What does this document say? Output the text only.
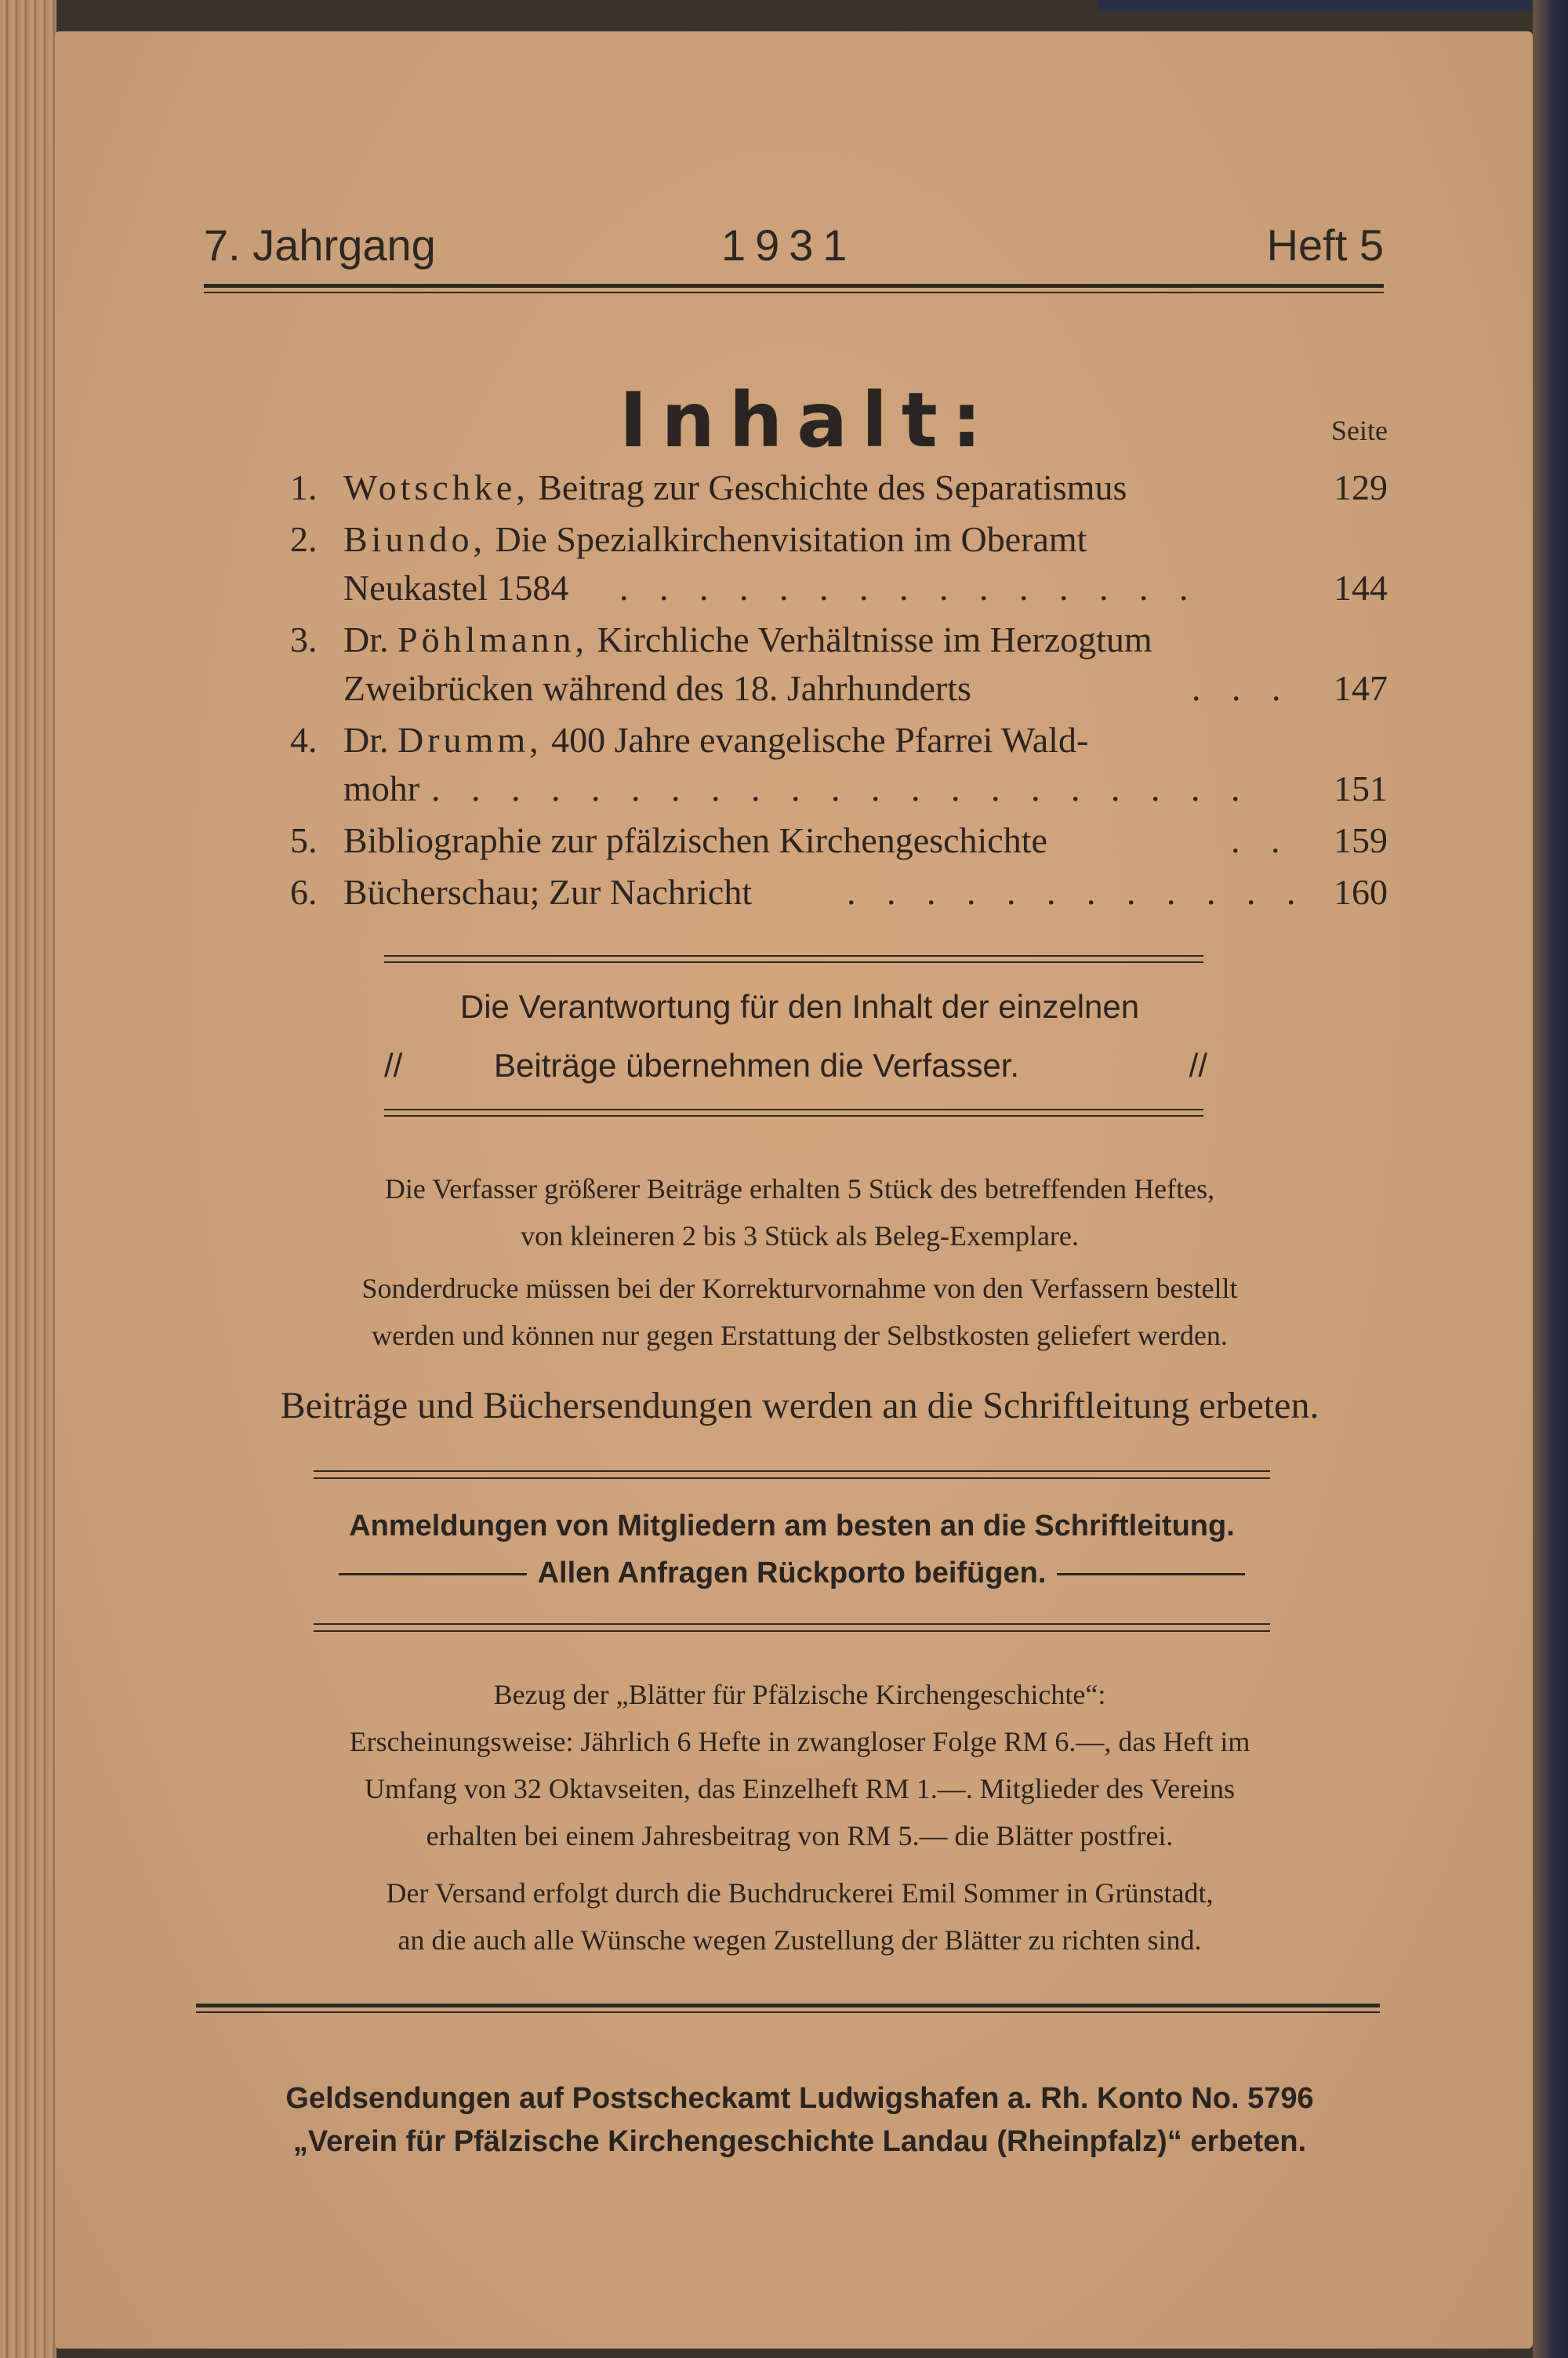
7. Jahrgang	1931	Heft 5
Inhalt:	Seite
1. Wotschke, Beitrag zur Geschichte des Separatismus	129
2. Biundo, Die Spezialkirchenvisitation im Oberamt
Neukastel 1584 . . . . . . . . . . . . . . .	144
3. Dr. Pöhlmann, Kirchliche Verhältnisse im Herzogtum
Zweibrücken während des 18. Jahrhunderts	. . .	147
4. Dr. Drumm, 400 Jahre evangelische Pfarrei Wald-
mohr . . . . . . . . . . . . . . . . . . . . .	151
5. Bibliographie zur pfälzischen Kirchengeschichte	. .	159
6. Bücherschau; Zur Nachricht	. . . . . . . . . . . . 160
Die Verantwortung für den Inhalt der einzelnen
//	Beiträge übernehmen die Verfasser.	//
Die Verfasser größerer Beiträge erhalten 5 Stück des betreffenden Heftes,
von kleineren 2 bis 3 Stück als Beleg-Exemplare.
Sonderdrucke müssen bei der Korrekturvornahme von den Verfassern bestellt
werden und können nur gegen Erstattung der Selbstkosten geliefert werden.
Beiträge und Büchersendungen werden an die Schriftleitung erbeten.
Anmeldungen von Mitgliedern am besten an die Schriftleitung.
Allen Anfragen Rückporto beifügen.
Bezug der „Blätter für Pfälzische Kirchengeschichte“:
Erscheinungsweise: Jährlich 6 Hefte in zwangloser Folge RM 6.—, das Heft im
Umfang von 32 Oktavseiten, das Einzelheft RM 1.—. Mitglieder des Vereins
erhalten bei einem Jahresbeitrag von RM 5.— die Blätter postfrei.
Der Versand erfolgt durch die Buchdruckerei Emil Sommer in Grünstadt,
an die auch alle Wünsche wegen Zustellung der Blätter zu richten sind.
Geldsendungen auf Postscheckamt Ludwigshafen a. Rh. Konto No. 5796
„Verein für Pfälzische Kirchengeschichte Landau (Rheinpfalz)“ erbeten.
